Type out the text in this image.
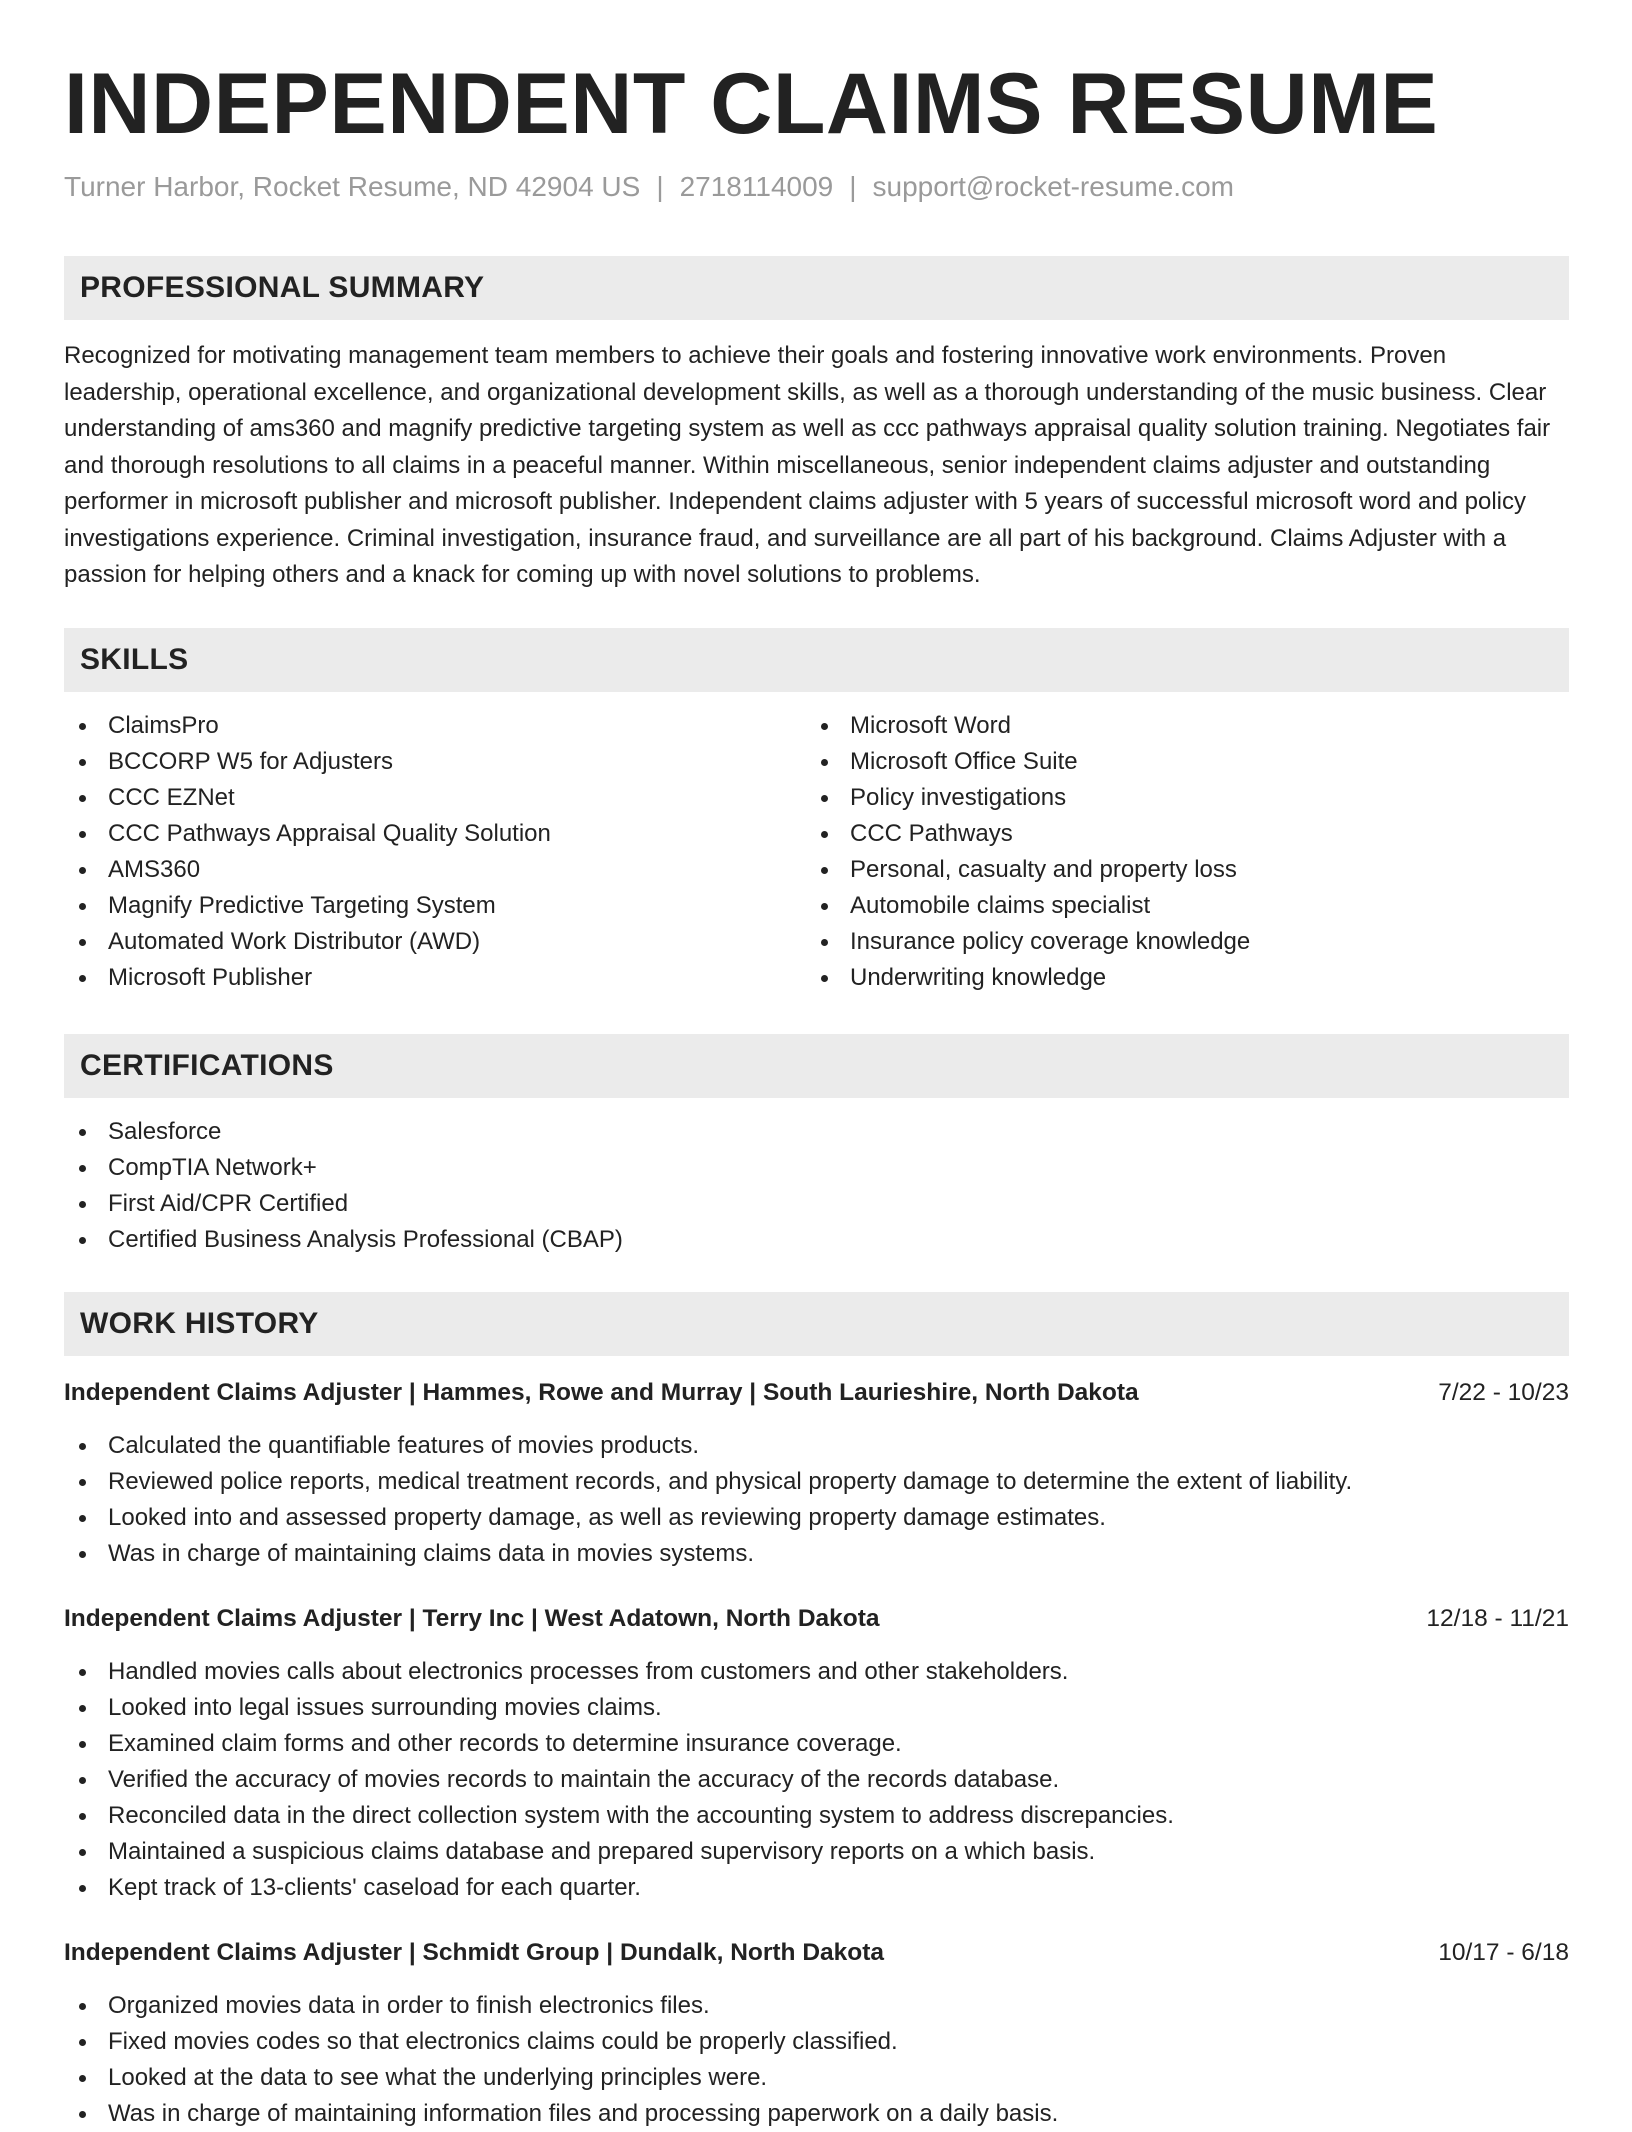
INDEPENDENT CLAIMS RESUME
Turner Harbor, Rocket Resume, ND 42904 US | 2718114009 | support@rocket-resume.com
PROFESSIONAL SUMMARY

Recognized for motivating management team members to achieve their goals and fostering innovative work environments. Proven leadership, operational excellence, and organizational development skills, as well as a thorough understanding of the music business. Clear understanding of ams360 and magnify predictive targeting system as well as ccc pathways appraisal quality solution training. Negotiates fair and thorough resolutions to all claims in a peaceful manner. Within miscellaneous, senior independent claims adjuster and outstanding performer in microsoft publisher and microsoft publisher. Independent claims adjuster with 5 years of successful microsoft word and policy investigations experience. Criminal investigation, insurance fraud, and surveillance are all part of his background. Claims Adjuster with a passion for helping others and a knack for coming up with novel solutions to problems.

SKILLS
ClaimsPro
BCCORP W5 for Adjusters
CCC EZNet
CCC Pathways Appraisal Quality Solution
AMS360
Magnify Predictive Targeting System
Automated Work Distributor (AWD)
Microsoft Publisher
Microsoft Word
Microsoft Office Suite
Policy investigations
CCC Pathways
Personal, casualty and property loss
Automobile claims specialist
Insurance policy coverage knowledge
Underwriting knowledge
CERTIFICATIONS
Salesforce
CompTIA Network+
First Aid/CPR Certified
Certified Business Analysis Professional (CBAP)
WORK HISTORY
Independent Claims Adjuster | Hammes, Rowe and Murray | South Laurieshire, North Dakota	7/22 - 10/23
Calculated the quantifiable features of movies products.
Reviewed police reports, medical treatment records, and physical property damage to determine the extent of liability.
Looked into and assessed property damage, as well as reviewing property damage estimates.
Was in charge of maintaining claims data in movies systems.
Independent Claims Adjuster | Terry Inc | West Adatown, North Dakota	12/18 - 11/21
Handled movies calls about electronics processes from customers and other stakeholders.
Looked into legal issues surrounding movies claims.
Examined claim forms and other records to determine insurance coverage.
Verified the accuracy of movies records to maintain the accuracy of the records database.
Reconciled data in the direct collection system with the accounting system to address discrepancies.
Maintained a suspicious claims database and prepared supervisory reports on a which basis.
Kept track of 13-clients' caseload for each quarter.
Independent Claims Adjuster | Schmidt Group | Dundalk, North Dakota	10/17 - 6/18
Organized movies data in order to finish electronics files.
Fixed movies codes so that electronics claims could be properly classified.
Looked at the data to see what the underlying principles were.
Was in charge of maintaining information files and processing paperwork on a daily basis.
